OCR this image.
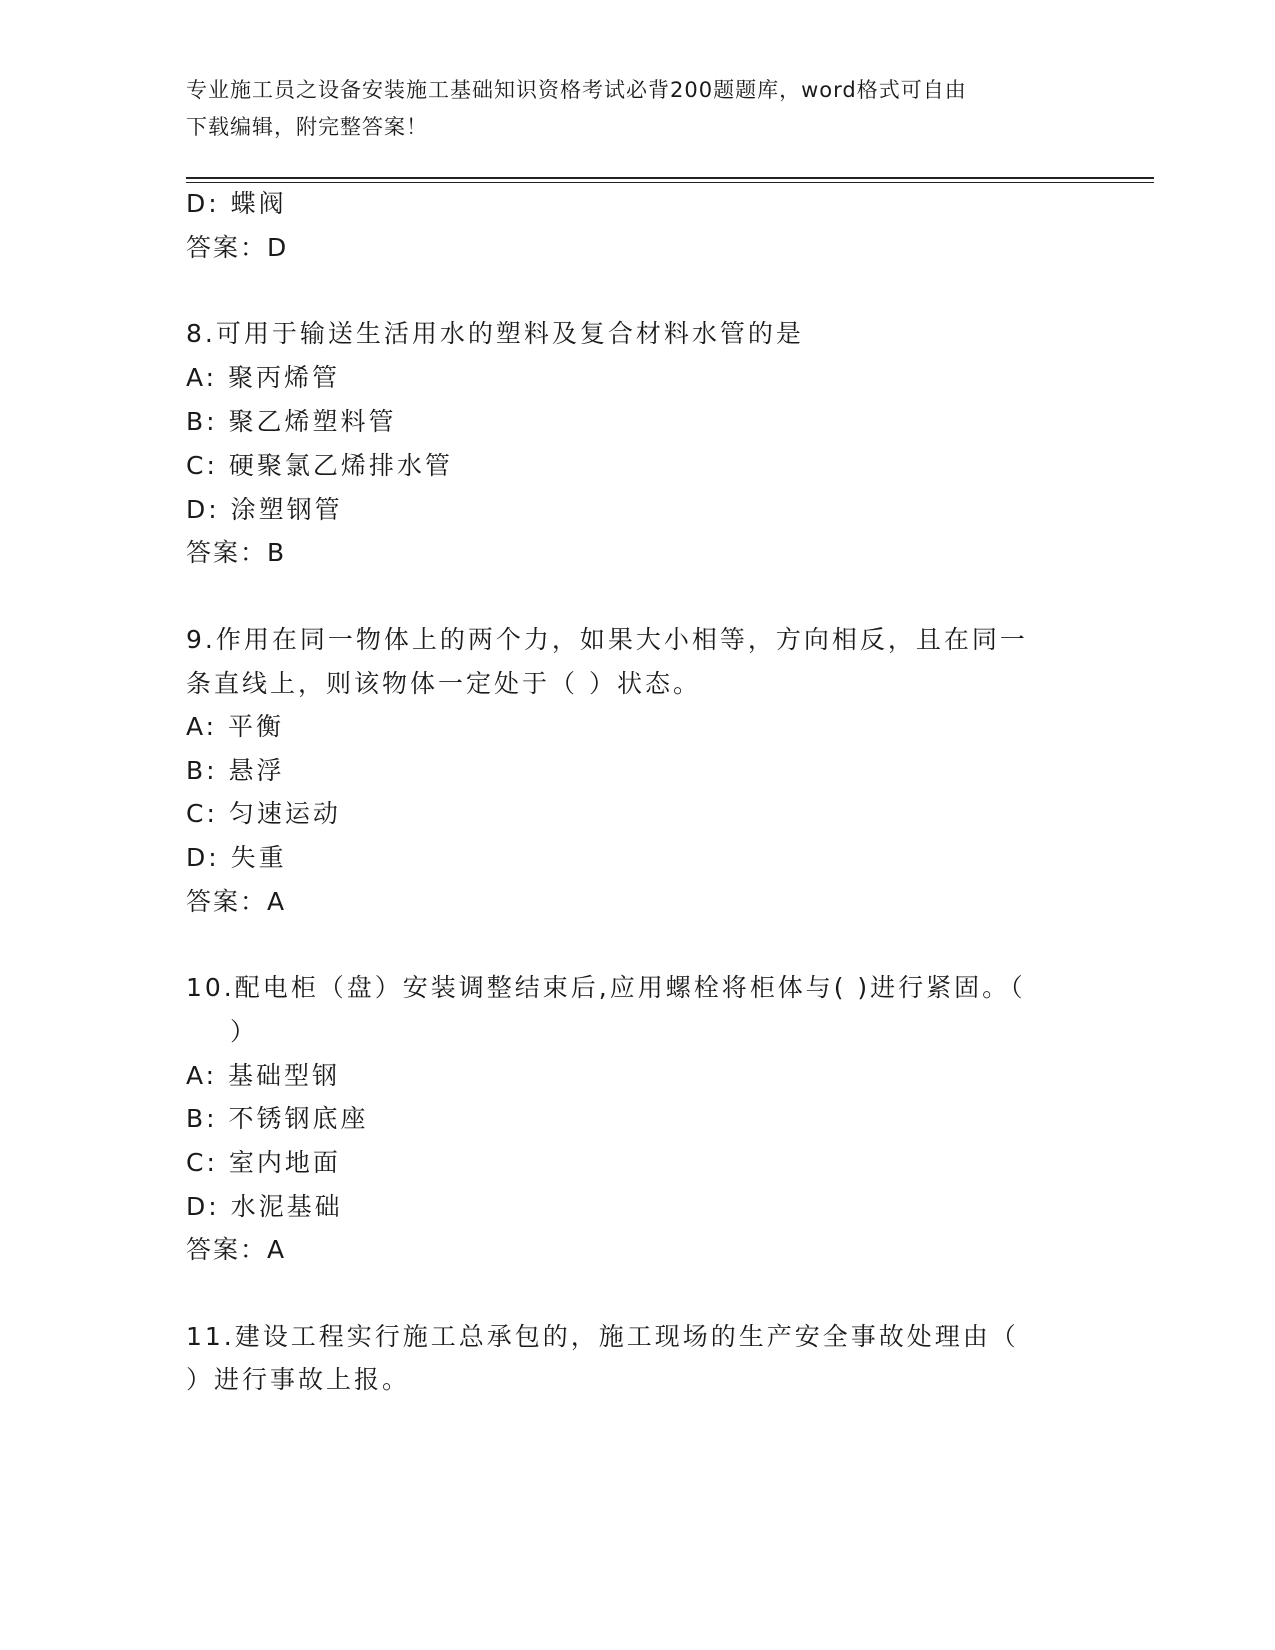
专业施工员之设备安装施工基础知识资格考试必背200题题库，word格式可自由
下载编辑，附完整答案！
D: 蝶阀
答案：D
8.可用于输送生活用水的塑料及复合材料水管的是
A: 聚丙烯管
B: 聚乙烯塑料管
C: 硬聚氯乙烯排水管
D: 涂塑钢管
答案：B
9.作用在同一物体上的两个力，如果大小相等，方向相反，且在同一
条直线上，则该物体一定处于（ ）状态。
A: 平衡
B: 悬浮
C: 匀速运动
D: 失重
答案：A
10.配电柜（盘）安装调整结束后,应用螺栓将柜体与( )进行紧固。（
）
A: 基础型钢
B: 不锈钢底座
C: 室内地面
D: 水泥基础
答案：A
11.建设工程实行施工总承包的，施工现场的生产安全事故处理由（
）进行事故上报。
